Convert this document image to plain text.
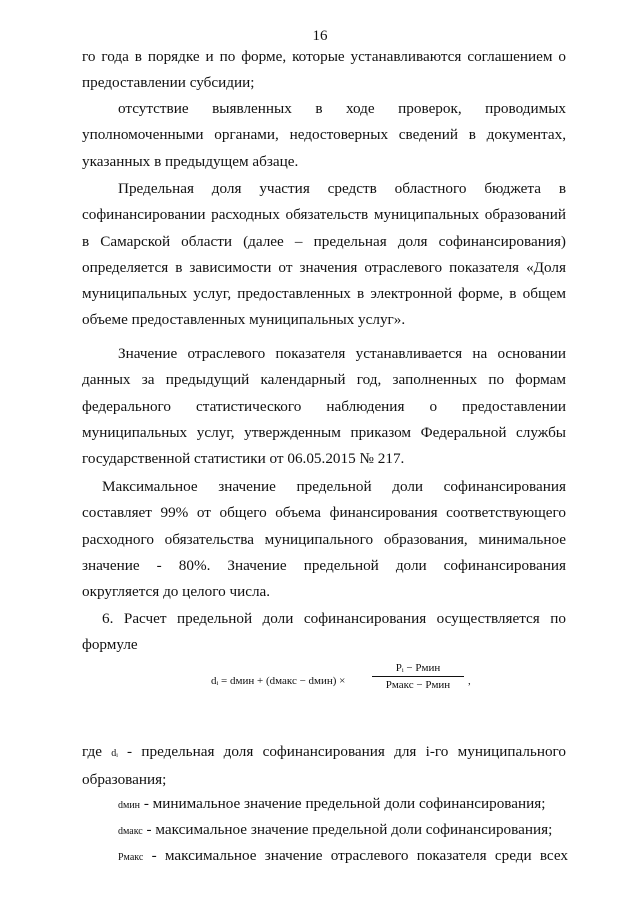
16
го года в порядке и по форме, которые устанавливаются соглашением о предоставлении субсидии;
отсутствие выявленных в ходе проверок, проводимых уполномоченными органами, недостоверных сведений в документах, указанных в предыдущем абзаце.
Предельная доля участия средств областного бюджета в софинансировании расходных обязательств муниципальных образований в Самарской области (далее – предельная доля софинансирования) определяется в зависимости от значения отраслевого показателя «Доля муниципальных услуг, предоставленных в электронной форме, в общем объеме предоставленных муниципальных услуг».
Значение отраслевого показателя устанавливается на основании данных за предыдущий календарный год, заполненных по формам федерального статистического наблюдения о предоставлении муниципальных услуг, утвержденным приказом Федеральной службы государственной статистики от 06.05.2015 № 217.
Максимальное значение предельной доли софинансирования составляет 99% от общего объема финансирования соответствующего расходного обязательства муниципального образования, минимальное значение - 80%. Значение предельной доли софинансирования округляется до целого числа.
6. Расчет предельной доли софинансирования осуществляется по формуле
dᵢ = dмин + (dмакс − dмин) ×
Pᵢ − Pмин
Pмакс − Pмин	,
где dᵢ - предельная доля софинансирования для i-го муниципального образования;
dмин - минимальное значение предельной доли софинансирования;
dмакс - максимальное значение предельной доли софинансирования;
Pмакс - максимальное значение отраслевого показателя среди всех
